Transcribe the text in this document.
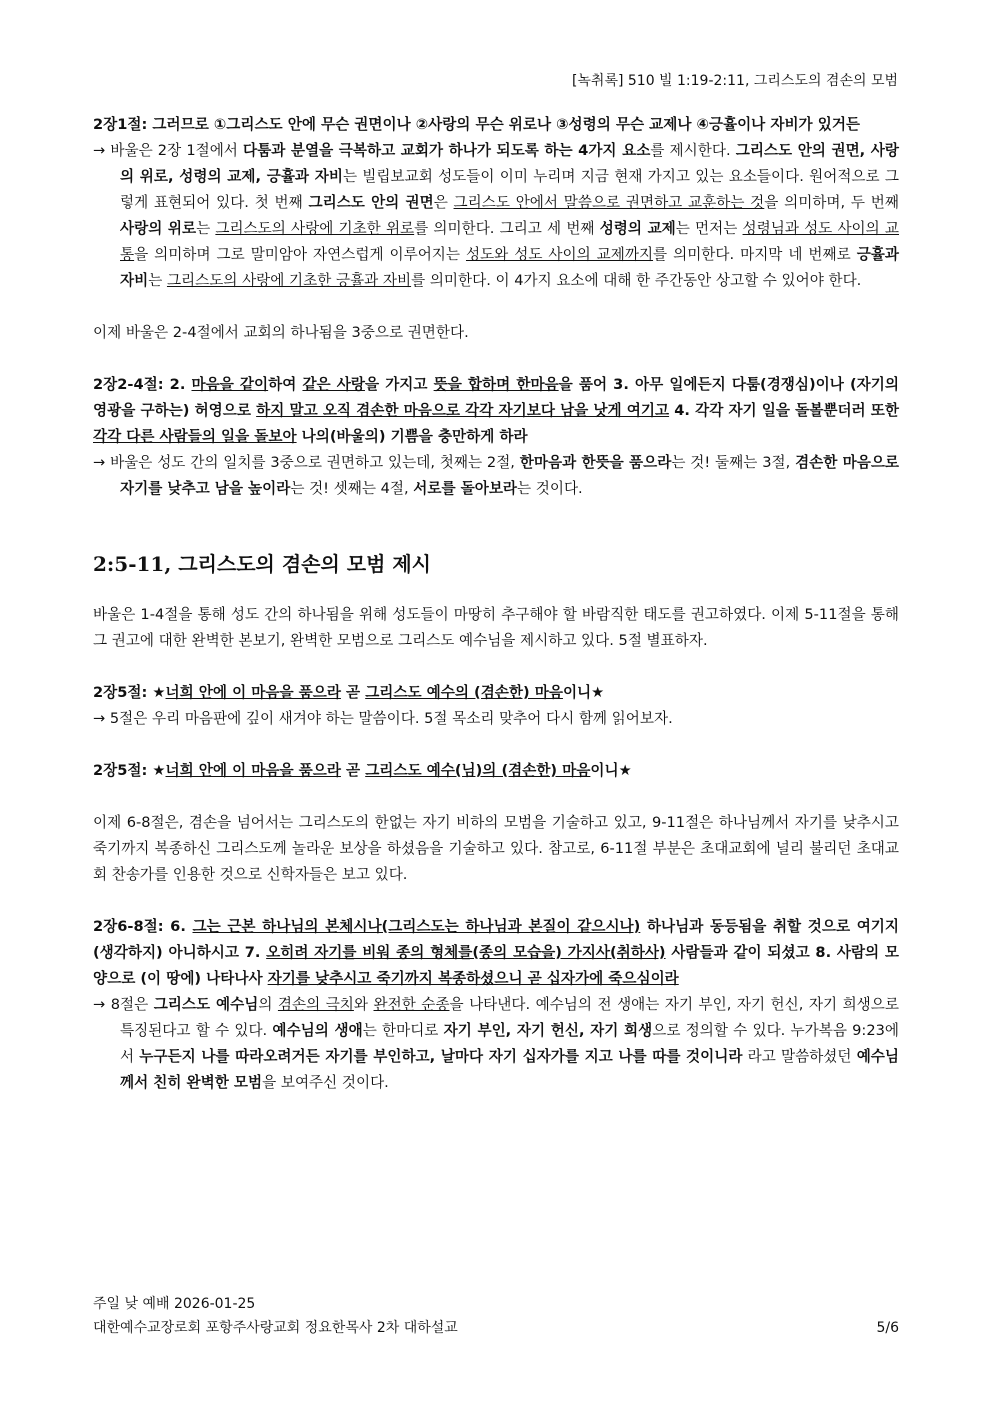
[녹취록] 510 빌 1:19-2:11, 그리스도의 겸손의 모범

2장1절: 그러므로 ①그리스도 안에 무슨 권면이나 ②사랑의 무슨 위로나 ③성령의 무슨 교제나 ④긍휼이나 자비가 있거든

→ 바울은 2장 1절에서 다툼과 분열을 극복하고 교회가 하나가 되도록 하는 4가지 요소를 제시한다. 그리스도 안의 권면, 사랑의 위로, 성령의 교제, 긍휼과 자비는 빌립보교회 성도들이 이미 누리며 지금 현재 가지고 있는 요소들이다. 원어적으로 그렇게 표현되어 있다. 첫 번째 그리스도 안의 권면은 그리스도 안에서 말씀으로 권면하고 교훈하는 것을 의미하며, 두 번째 사랑의 위로는 그리스도의 사랑에 기초한 위로를 의미한다. 그리고 세 번째 성령의 교제는 먼저는 성령님과 성도 사이의 교통을 의미하며 그로 말미암아 자연스럽게 이루어지는 성도와 성도 사이의 교제까지를 의미한다. 마지막 네 번째로 긍휼과 자비는 그리스도의 사랑에 기초한 긍휼과 자비를 의미한다. 이 4가지 요소에 대해 한 주간동안 상고할 수 있어야 한다.

이제 바울은 2-4절에서 교회의 하나됨을 3중으로 권면한다.

2장2-4절: 2. 마음을 같이하여 같은 사랑을 가지고 뜻을 합하며 한마음을 품어 3. 아무 일에든지 다툼(경쟁심)이나 (자기의 영광을 구하는) 허영으로 하지 말고 오직 겸손한 마음으로 각각 자기보다 남을 낫게 여기고 4. 각각 자기 일을 돌볼뿐더러 또한 각각 다른 사람들의 일을 돌보아 나의(바울의) 기쁨을 충만하게 하라

→ 바울은 성도 간의 일치를 3중으로 권면하고 있는데, 첫째는 2절, 한마음과 한뜻을 품으라는 것! 둘째는 3절, 겸손한 마음으로 자기를 낮추고 남을 높이라는 것! 셋째는 4절, 서로를 돌아보라는 것이다.

2:5-11, 그리스도의 겸손의 모범 제시

바울은 1-4절을 통해 성도 간의 하나됨을 위해 성도들이 마땅히 추구해야 할 바람직한 태도를 권고하였다. 이제 5-11절을 통해 그 권고에 대한 완벽한 본보기, 완벽한 모범으로 그리스도 예수님을 제시하고 있다. 5절 별표하자.

2장5절: ★너희 안에 이 마음을 품으라 곧 그리스도 예수의 (겸손한) 마음이니★

→ 5절은 우리 마음판에 깊이 새겨야 하는 말씀이다. 5절 목소리 맞추어 다시 함께 읽어보자.

2장5절: ★너희 안에 이 마음을 품으라 곧 그리스도 예수(님)의 (겸손한) 마음이니★

이제 6-8절은, 겸손을 넘어서는 그리스도의 한없는 자기 비하의 모범을 기술하고 있고, 9-11절은 하나님께서 자기를 낮추시고 죽기까지 복종하신 그리스도께 놀라운 보상을 하셨음을 기술하고 있다. 참고로, 6-11절 부분은 초대교회에 널리 불리던 초대교회 찬송가를 인용한 것으로 신학자들은 보고 있다.

2장6-8절: 6. 그는 근본 하나님의 본체시나(그리스도는 하나님과 본질이 같으시나) 하나님과 동등됨을 취할 것으로 여기지(생각하지) 아니하시고 7. 오히려 자기를 비워 종의 형체를(종의 모습을) 가지사(취하사) 사람들과 같이 되셨고 8. 사람의 모양으로 (이 땅에) 나타나사 자기를 낮추시고 죽기까지 복종하셨으니 곧 십자가에 죽으심이라

→ 8절은 그리스도 예수님의 겸손의 극치와 완전한 순종을 나타낸다. 예수님의 전 생애는 자기 부인, 자기 헌신, 자기 희생으로 특징된다고 할 수 있다. 예수님의 생애는 한마디로 자기 부인, 자기 헌신, 자기 희생으로 정의할 수 있다. 누가복음 9:23에서 누구든지 나를 따라오려거든 자기를 부인하고, 날마다 자기 십자가를 지고 나를 따를 것이니라 라고 말씀하셨던 예수님께서 친히 완벽한 모범을 보여주신 것이다.

주일 낮 예배 2026-01-25
대한예수교장로회 포항주사랑교회 정요한목사 2차 대하설교	5/6
